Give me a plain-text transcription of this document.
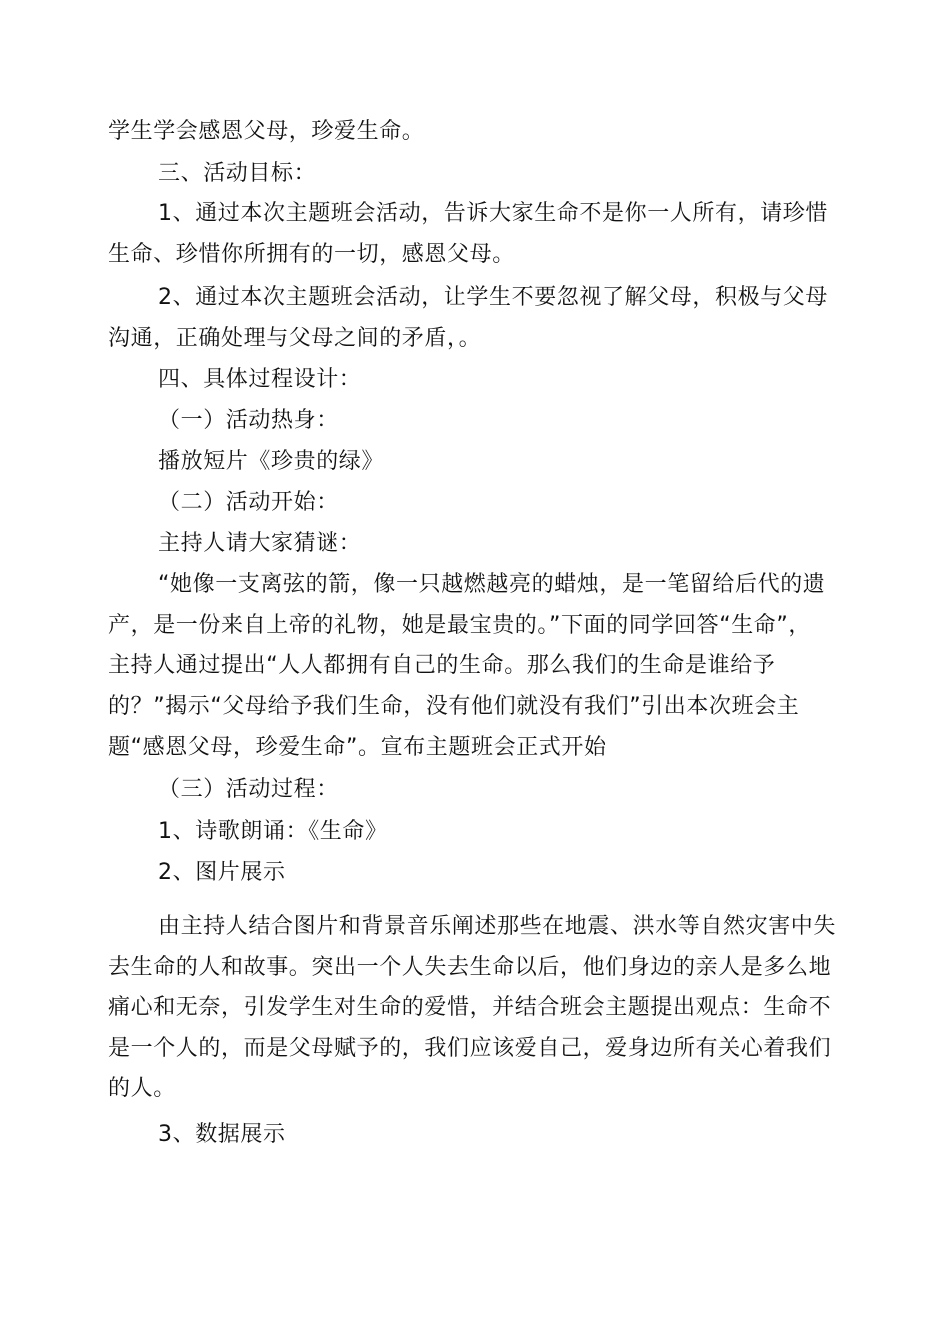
学生学会感恩父母，珍爱生命。
三、活动目标：
1、通过本次主题班会活动，告诉大家生命不是你一人所有，请珍惜
生命、珍惜你所拥有的一切，感恩父母。
2、通过本次主题班会活动，让学生不要忽视了解父母，积极与父母
沟通，正确处理与父母之间的矛盾，。
四、具体过程设计：
（一）活动热身：
播放短片《珍贵的绿》
（二）活动开始：
主持人请大家猜谜：
“她像一支离弦的箭，像一只越燃越亮的蜡烛，是一笔留给后代的遗
产，是一份来自上帝的礼物，她是最宝贵的。”下面的同学回答“生命”，
主持人通过提出“人人都拥有自己的生命。那么我们的生命是谁给予
的？”揭示“父母给予我们生命，没有他们就没有我们”引出本次班会主
题“感恩父母，珍爱生命”。宣布主题班会正式开始
（三）活动过程：
1、诗歌朗诵：《生命》
2、图片展示
由主持人结合图片和背景音乐阐述那些在地震、洪水等自然灾害中失
去生命的人和故事。突出一个人失去生命以后，他们身边的亲人是多么地
痛心和无奈，引发学生对生命的爱惜，并结合班会主题提出观点：生命不
是一个人的，而是父母赋予的，我们应该爱自己，爱身边所有关心着我们
的人。
3、数据展示
